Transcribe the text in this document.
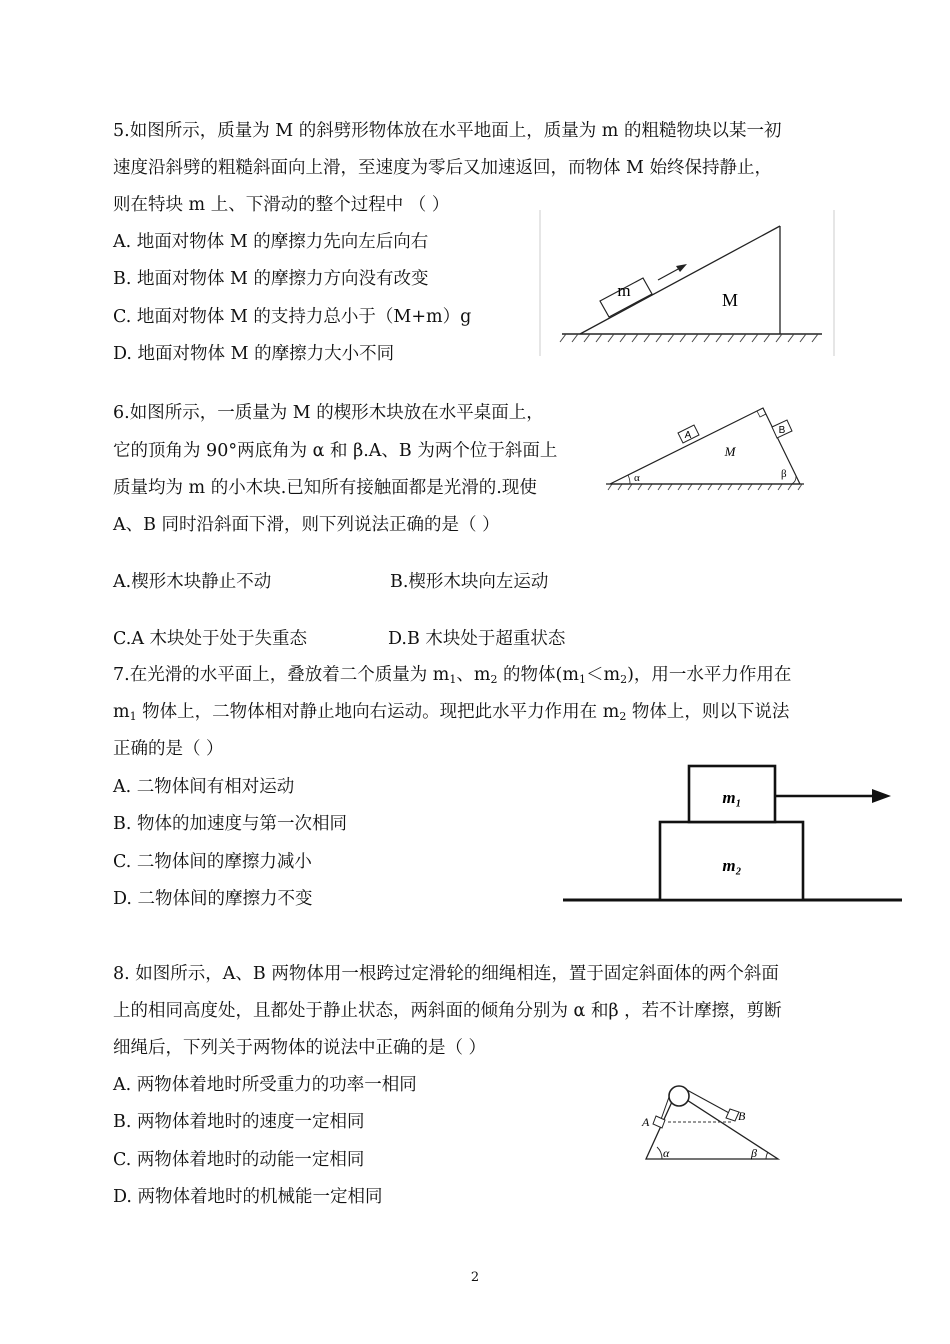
5.如图所示，质量为 M 的斜劈形物体放在水平地面上，质量为 m 的粗糙物块以某一初
速度沿斜劈的粗糙斜面向上滑，至速度为零后又加速返回，而物体 M 始终保持静止，
则在特块 m 上、下滑动的整个过程中 （ ）
A. 地面对物体 M 的摩擦力先向左后向右
B. 地面对物体 M 的摩擦力方向没有改变
C. 地面对物体 M 的支持力总小于（M+m）g
D. 地面对物体 M 的摩擦力大小不同
m	M
6.如图所示，一质量为 M 的楔形木块放在水平桌面上，
它的顶角为 90°两底角为 α 和 β.A、B 为两个位于斜面上
质量均为 m 的小木块.已知所有接触面都是光滑的.现使
A、B 同时沿斜面下滑，则下列说法正确的是（ ）
A.楔形木块静止不动	B.楔形木块向左运动
C.A 木块处于处于失重态	D.B 木块处于超重状态
A	B
M
α	β
7.在光滑的水平面上，叠放着二个质量为 $m_1$、$m_2$ 的物体$(m_1<m_2)$，用一水平力作用在
$m_1$ 物体上，二物体相对静止地向右运动。现把此水平力作用在 $m_2$ 物体上，则以下说法
正确的是（ ）
A. 二物体间有相对运动
B. 物体的加速度与第一次相同
C. 二物体间的摩擦力减小
D. 二物体间的摩擦力不变
m₁
m₂
8. 如图所示，A、B 两物体用一根跨过定滑轮的细绳相连，置于固定斜面体的两个斜面
上的相同高度处，且都处于静止状态，两斜面的倾角分别为 α 和β ，若不计摩擦，剪断
细绳后，下列关于两物体的说法中正确的是（ ）
A. 两物体着地时所受重力的功率一相同
B. 两物体着地时的速度一定相同
C. 两物体着地时的动能一定相同
D. 两物体着地时的机械能一定相同
A	B
α	β
2
